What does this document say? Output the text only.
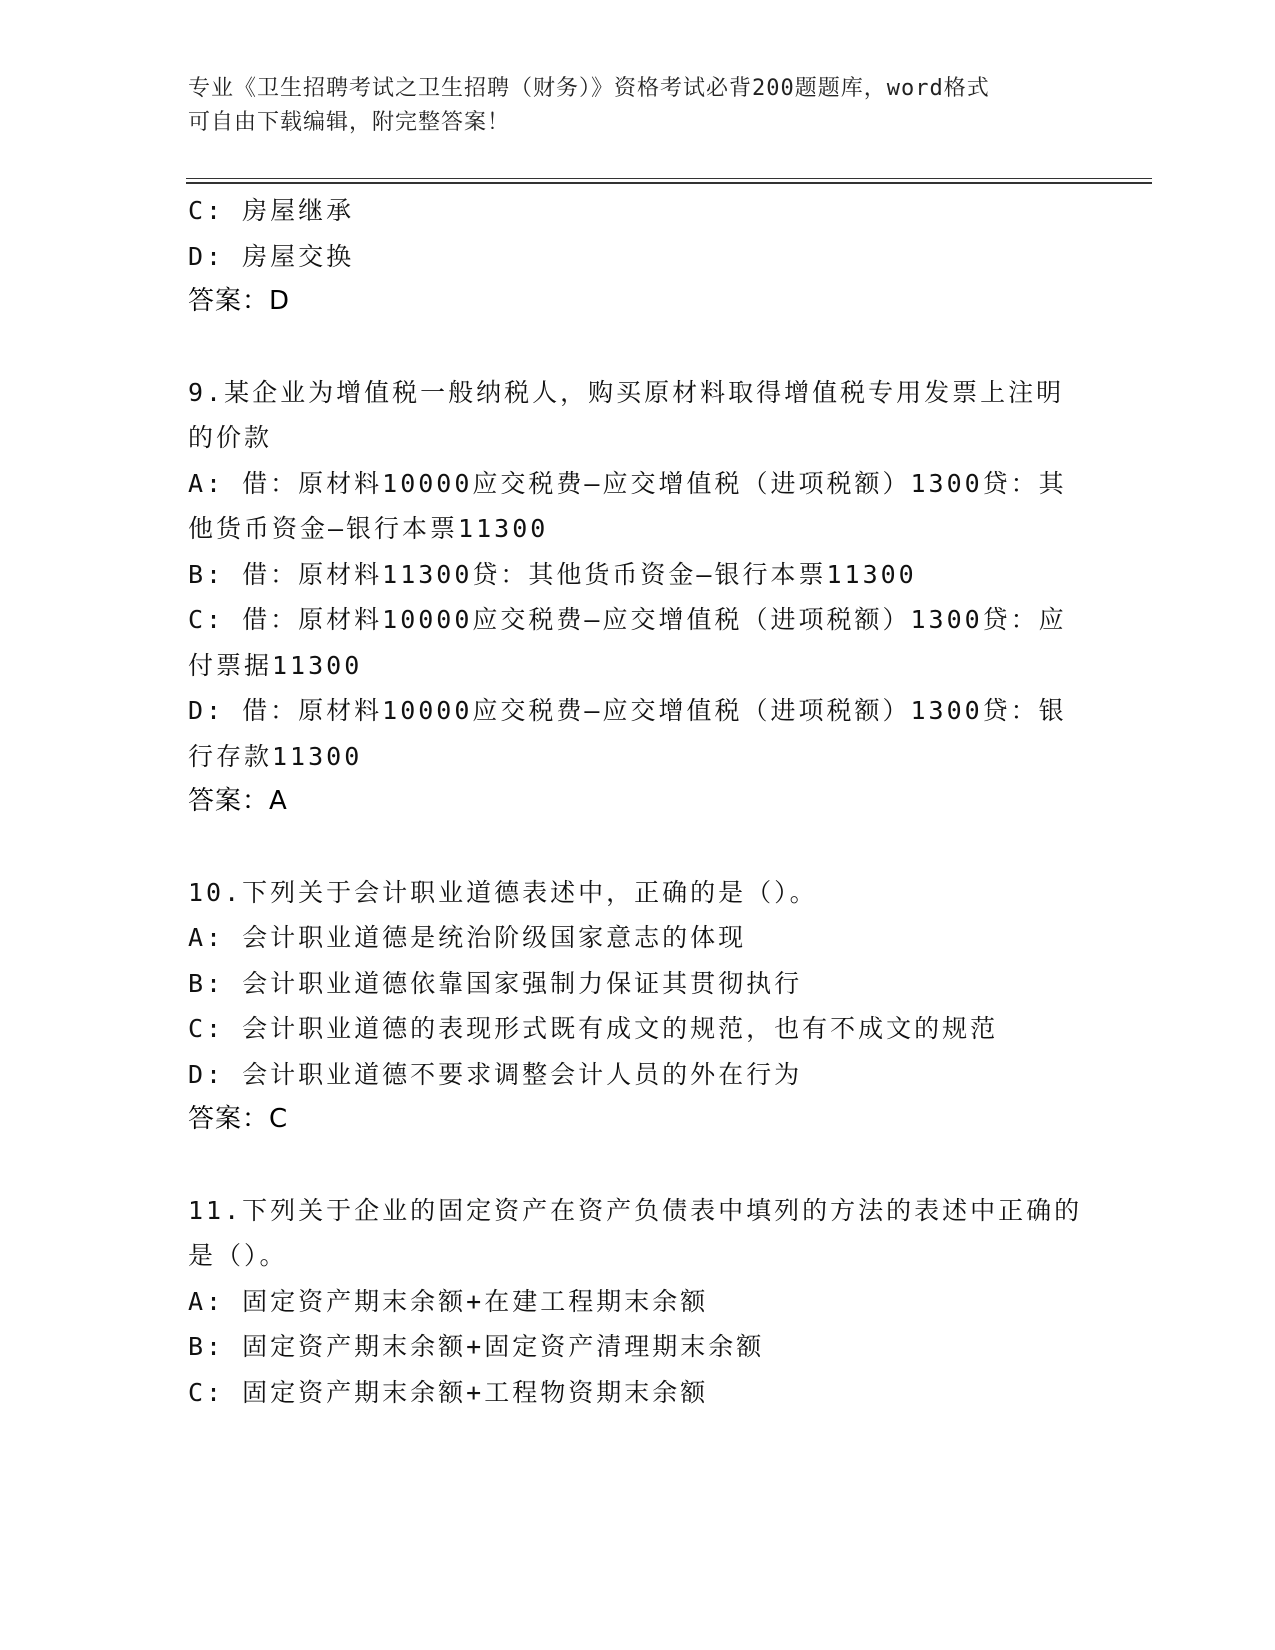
专业《卫生招聘考试之卫生招聘（财务）》资格考试必背200题题库，word格式
可自由下载编辑，附完整答案！
C: 房屋继承
D: 房屋交换
答案：D
9.某企业为增值税一般纳税人，购买原材料取得增值税专用发票上注明的价款
A: 借：原材料10000应交税费—应交增值税（进项税额）1300贷：其他货币资金—银行本票11300
B: 借：原材料11300贷：其他货币资金—银行本票11300
C: 借：原材料10000应交税费—应交增值税（进项税额）1300贷：应付票据11300
D: 借：原材料10000应交税费—应交增值税（进项税额）1300贷：银行存款11300
答案：A
10.下列关于会计职业道德表述中，正确的是（）。
A: 会计职业道德是统治阶级国家意志的体现
B: 会计职业道德依靠国家强制力保证其贯彻执行
C: 会计职业道德的表现形式既有成文的规范，也有不成文的规范
D: 会计职业道德不要求调整会计人员的外在行为
答案：C
11.下列关于企业的固定资产在资产负债表中填列的方法的表述中正确的是（）。
A: 固定资产期末余额+在建工程期末余额
B: 固定资产期末余额+固定资产清理期末余额
C: 固定资产期末余额+工程物资期末余额
